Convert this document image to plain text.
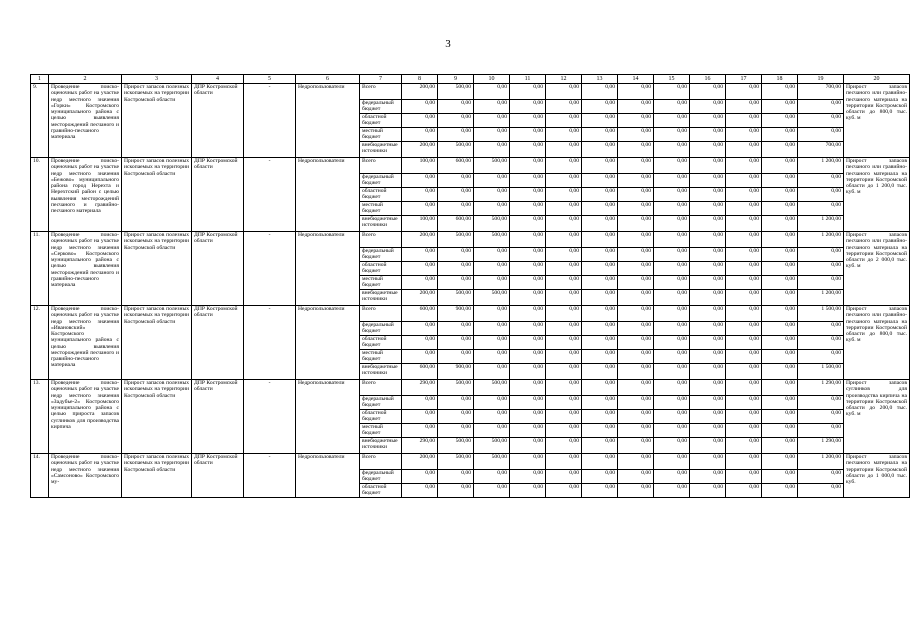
3
1	2	3	4	5	6	7	8	9	10	11	12	13	14	15	16	17	18	19	20
9.	Проведение поиско-оценочных работ на участке недр местного значения «Горки» Костромского муниципального района с целью выявления месторождений песчаного и гравийно-песчаного материала	Прирост запасов полезных ископаемых на территории Костромской области	ДПР Костромской области	-	Недропользователи	Всего	200,00	500,00	0,00	0,00	0,00	0,00	0,00	0,00	0,00	0,00	0,00	700,00	Прирост запасов песчаного или гравийно-песчаного материала на территории Костромской области до 800,0 тыс. куб. м
						федеральный бюджет	0,00	0,00	0,00	0,00	0,00	0,00	0,00	0,00	0,00	0,00	0,00	0,00	
						областной бюджет	0,00	0,00	0,00	0,00	0,00	0,00	0,00	0,00	0,00	0,00	0,00	0,00	
						местный бюджет	0,00	0,00	0,00	0,00	0,00	0,00	0,00	0,00	0,00	0,00	0,00	0,00	
						внебюджетные источники	200,00	500,00	0,00	0,00	0,00	0,00	0,00	0,00	0,00	0,00	0,00	700,00	
10.	Проведение поиско-оценочных работ на участке недр местного значения «Бежово» муниципального района город Нерехта и Нерехтский район с целью выявления месторождений песчаного и гравийно-песчаного материала	Прирост запасов полезных ископаемых на территории Костромской области	ДПР Костромской области	-	Недропользователи	Всего	100,00	600,00	500,00	0,00	0,00	0,00	0,00	0,00	0,00	0,00	0,00	1 200,00	Прирост запасов песчаного или гравийно-песчаного материала на территории Костромской области до 1 200,0 тыс. куб. м
						федеральный бюджет	0,00	0,00	0,00	0,00	0,00	0,00	0,00	0,00	0,00	0,00	0,00	0,00	
						областной бюджет	0,00	0,00	0,00	0,00	0,00	0,00	0,00	0,00	0,00	0,00	0,00	0,00	
						местный бюджет	0,00	0,00	0,00	0,00	0,00	0,00	0,00	0,00	0,00	0,00	0,00	0,00	
						внебюджетные источники	100,00	600,00	500,00	0,00	0,00	0,00	0,00	0,00	0,00	0,00	0,00	1 200,00	
11.	Проведение поиско-оценочных работ на участке недр местного значения «Серково» Костромского муниципального района с целью выявления месторождений песчаного и гравийно-песчаного материала	Прирост запасов полезных ископаемых на территории Костромской области	ДПР Костромской области	-	Недропользователи	Всего	200,00	500,00	500,00	0,00	0,00	0,00	0,00	0,00	0,00	0,00	0,00	1 200,00	Прирост запасов песчаного или гравийно-песчаного материала на территории Костромской области до 2 000,0 тыс. куб. м
						федеральный бюджет	0,00	0,00	0,00	0,00	0,00	0,00	0,00	0,00	0,00	0,00	0,00	0,00	
						областной бюджет	0,00	0,00	0,00	0,00	0,00	0,00	0,00	0,00	0,00	0,00	0,00	0,00	
						местный бюджет	0,00	0,00	0,00	0,00	0,00	0,00	0,00	0,00	0,00	0,00	0,00	0,00	
						внебюджетные источники	200,00	500,00	500,00	0,00	0,00	0,00	0,00	0,00	0,00	0,00	0,00	1 200,00	
12.	Проведение поиско-оценочных работ на участке недр местного значения «Ивановский» Костромского муниципального района с целью выявления месторождений песчаного и гравийно-песчаного материала	Прирост запасов полезных ископаемых на территории Костромской области	ДПР Костромской области	-	Недропользователи	Всего	600,00	900,00	0,00	0,00	0,00	0,00	0,00	0,00	0,00	0,00	0,00	1 500,00	Прирост запасов песчаного или гравийно-песчаного материала на территории Костромской области до 800,0 тыс. куб. м
						федеральный бюджет	0,00	0,00	0,00	0,00	0,00	0,00	0,00	0,00	0,00	0,00	0,00	0,00	
						областной бюджет	0,00	0,00	0,00	0,00	0,00	0,00	0,00	0,00	0,00	0,00	0,00	0,00	
						местный бюджет	0,00	0,00	0,00	0,00	0,00	0,00	0,00	0,00	0,00	0,00	0,00	0,00	
						внебюджетные источники	600,00	900,00	0,00	0,00	0,00	0,00	0,00	0,00	0,00	0,00	0,00	1 500,00	
13.	Проведение поиско-оценочных работ на участке недр местного значения «Задубье-2» Костромского муниципального района с целью прироста запасов суглинков для производства кирпича	Прирост запасов полезных ископаемых на территории Костромской области	ДПР Костромской области	-	Недропользователи	Всего	290,00	500,00	500,00	0,00	0,00	0,00	0,00	0,00	0,00	0,00	0,00	1 290,00	Прирост запасов суглинков для производства кирпича на территории Костромской области до 200,0 тыс. куб. м
						федеральный бюджет	0,00	0,00	0,00	0,00	0,00	0,00	0,00	0,00	0,00	0,00	0,00	0,00	
						областной бюджет	0,00	0,00	0,00	0,00	0,00	0,00	0,00	0,00	0,00	0,00	0,00	0,00	
						местный бюджет	0,00	0,00	0,00	0,00	0,00	0,00	0,00	0,00	0,00	0,00	0,00	0,00	
						внебюджетные источники	290,00	500,00	500,00	0,00	0,00	0,00	0,00	0,00	0,00	0,00	0,00	1 290,00	
14.	Проведение поиско-оценочных работ на участке недр местного значения «Самсоново» Костромского му-	Прирост запасов полезных ископаемых на территории Костромской области	ДПР Костромской области	-	Недропользователи	Всего	200,00	500,00	500,00	0,00	0,00	0,00	0,00	0,00	0,00	0,00	0,00	1 200,00	Прирост запасов песчаного материала на территории Костромской области до 1 000,0 тыс. куб.
						федеральный бюджет	0,00	0,00	0,00	0,00	0,00	0,00	0,00	0,00	0,00	0,00	0,00	0,00	
						областной бюджет	0,00	0,00	0,00	0,00	0,00	0,00	0,00	0,00	0,00	0,00	0,00	0,00	
